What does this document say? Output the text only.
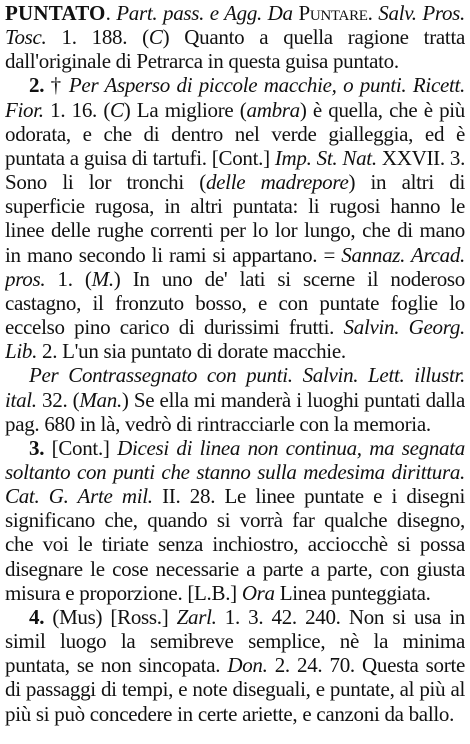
PUNTATO. Part. pass. e Agg. Da Puntare. Salv. Pros. Tosc. 1. 188. (C) Quanto a quella ragione tratta dall'originale di Petrarca in questa guisa puntato.

2. † Per Asperso di piccole macchie, o punti. Ricett. Fior. 1. 16. (C) La migliore (ambra) è quella, che è più odorata, e che di dentro nel verde gialleggia, ed è puntata a guisa di tartufi. [Cont.] Imp. St. Nat. XXVII. 3. Sono li lor tronchi (delle madrepore) in altri di superficie rugosa, in altri puntata: li rugosi hanno le linee delle rughe correnti per lo lor lungo, che di mano in mano secondo li rami si appartano. = Sannaz. Arcad. pros. 1. (M.) In uno de' lati si scerne il noderoso castagno, il fronzuto bosso, e con puntate foglie lo eccelso pino carico di durissimi frutti. Salvin. Georg. Lib. 2. L'un sia puntato di dorate macchie.

Per Contrassegnato con punti. Salvin. Lett. illustr. ital. 32. (Man.) Se ella mi manderà i luoghi puntati dalla pag. 680 in là, vedrò di rintracciarle con la memoria.

3. [Cont.] Dicesi di linea non continua, ma segnata soltanto con punti che stanno sulla medesima dirittura. Cat. G. Arte mil. II. 28. Le linee puntate e i disegni significano che, quando si vorrà far qualche disegno, che voi le tiriate senza inchiostro, acciocchè si possa disegnare le cose necessarie a parte a parte, con giusta misura e proporzione. [L.B.] Ora Linea punteggiata.

4. (Mus) [Ross.] Zarl. 1. 3. 42. 240. Non si usa in simil luogo la semibreve semplice, nè la minima puntata, se non sincopata. Don. 2. 24. 70. Questa sorte di passaggi di tempi, e note diseguali, e puntate, al più al più si può concedere in certe ariette, e canzoni da ballo.
